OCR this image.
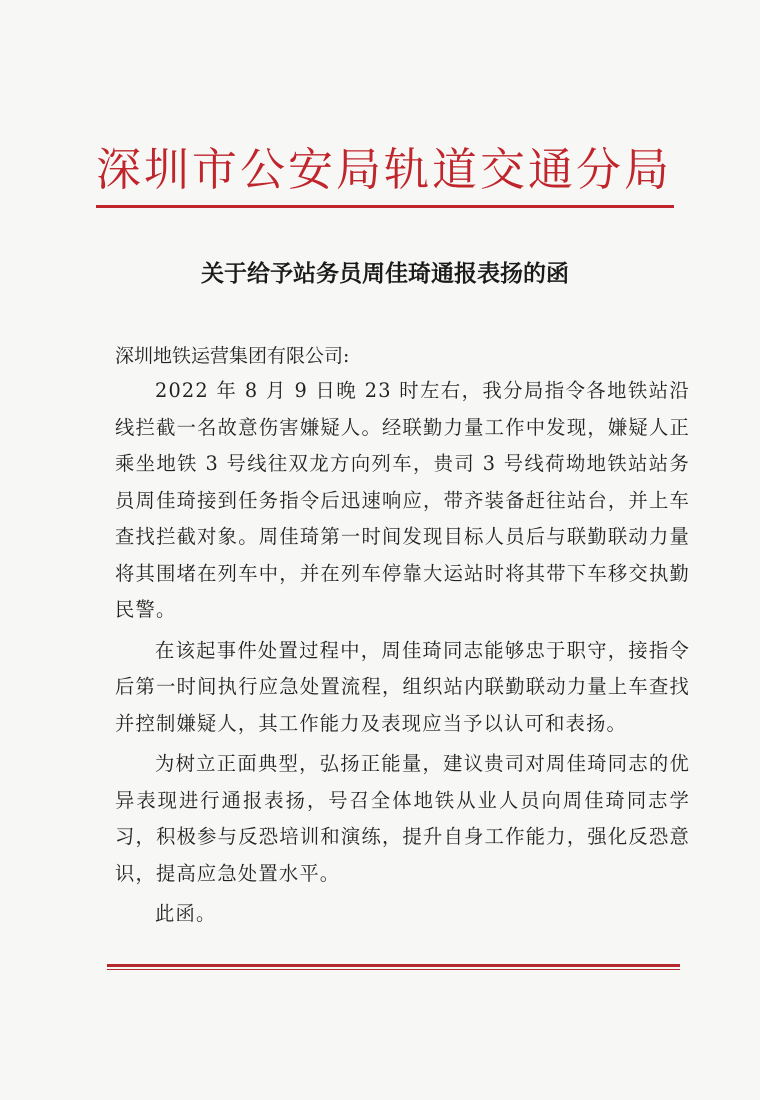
深圳市公安局轨道交通分局
关于给予站务员周佳琦通报表扬的函
深圳地铁运营集团有限公司:

2022 年 8 月 9 日晚 23 时左右，我分局指令各地铁站沿线拦截一名故意伤害嫌疑人。经联勤力量工作中发现，嫌疑人正乘坐地铁 3 号线往双龙方向列车，贵司 3 号线荷坳地铁站站务员周佳琦接到任务指令后迅速响应，带齐装备赶往站台，并上车查找拦截对象。周佳琦第一时间发现目标人员后与联勤联动力量将其围堵在列车中，并在列车停靠大运站时将其带下车移交执勤民警。

在该起事件处置过程中，周佳琦同志能够忠于职守，接指令后第一时间执行应急处置流程，组织站内联勤联动力量上车查找并控制嫌疑人，其工作能力及表现应当予以认可和表扬。

为树立正面典型，弘扬正能量，建议贵司对周佳琦同志的优异表现进行通报表扬，号召全体地铁从业人员向周佳琦同志学习，积极参与反恐培训和演练，提升自身工作能力，强化反恐意识，提高应急处置水平。

此函。
